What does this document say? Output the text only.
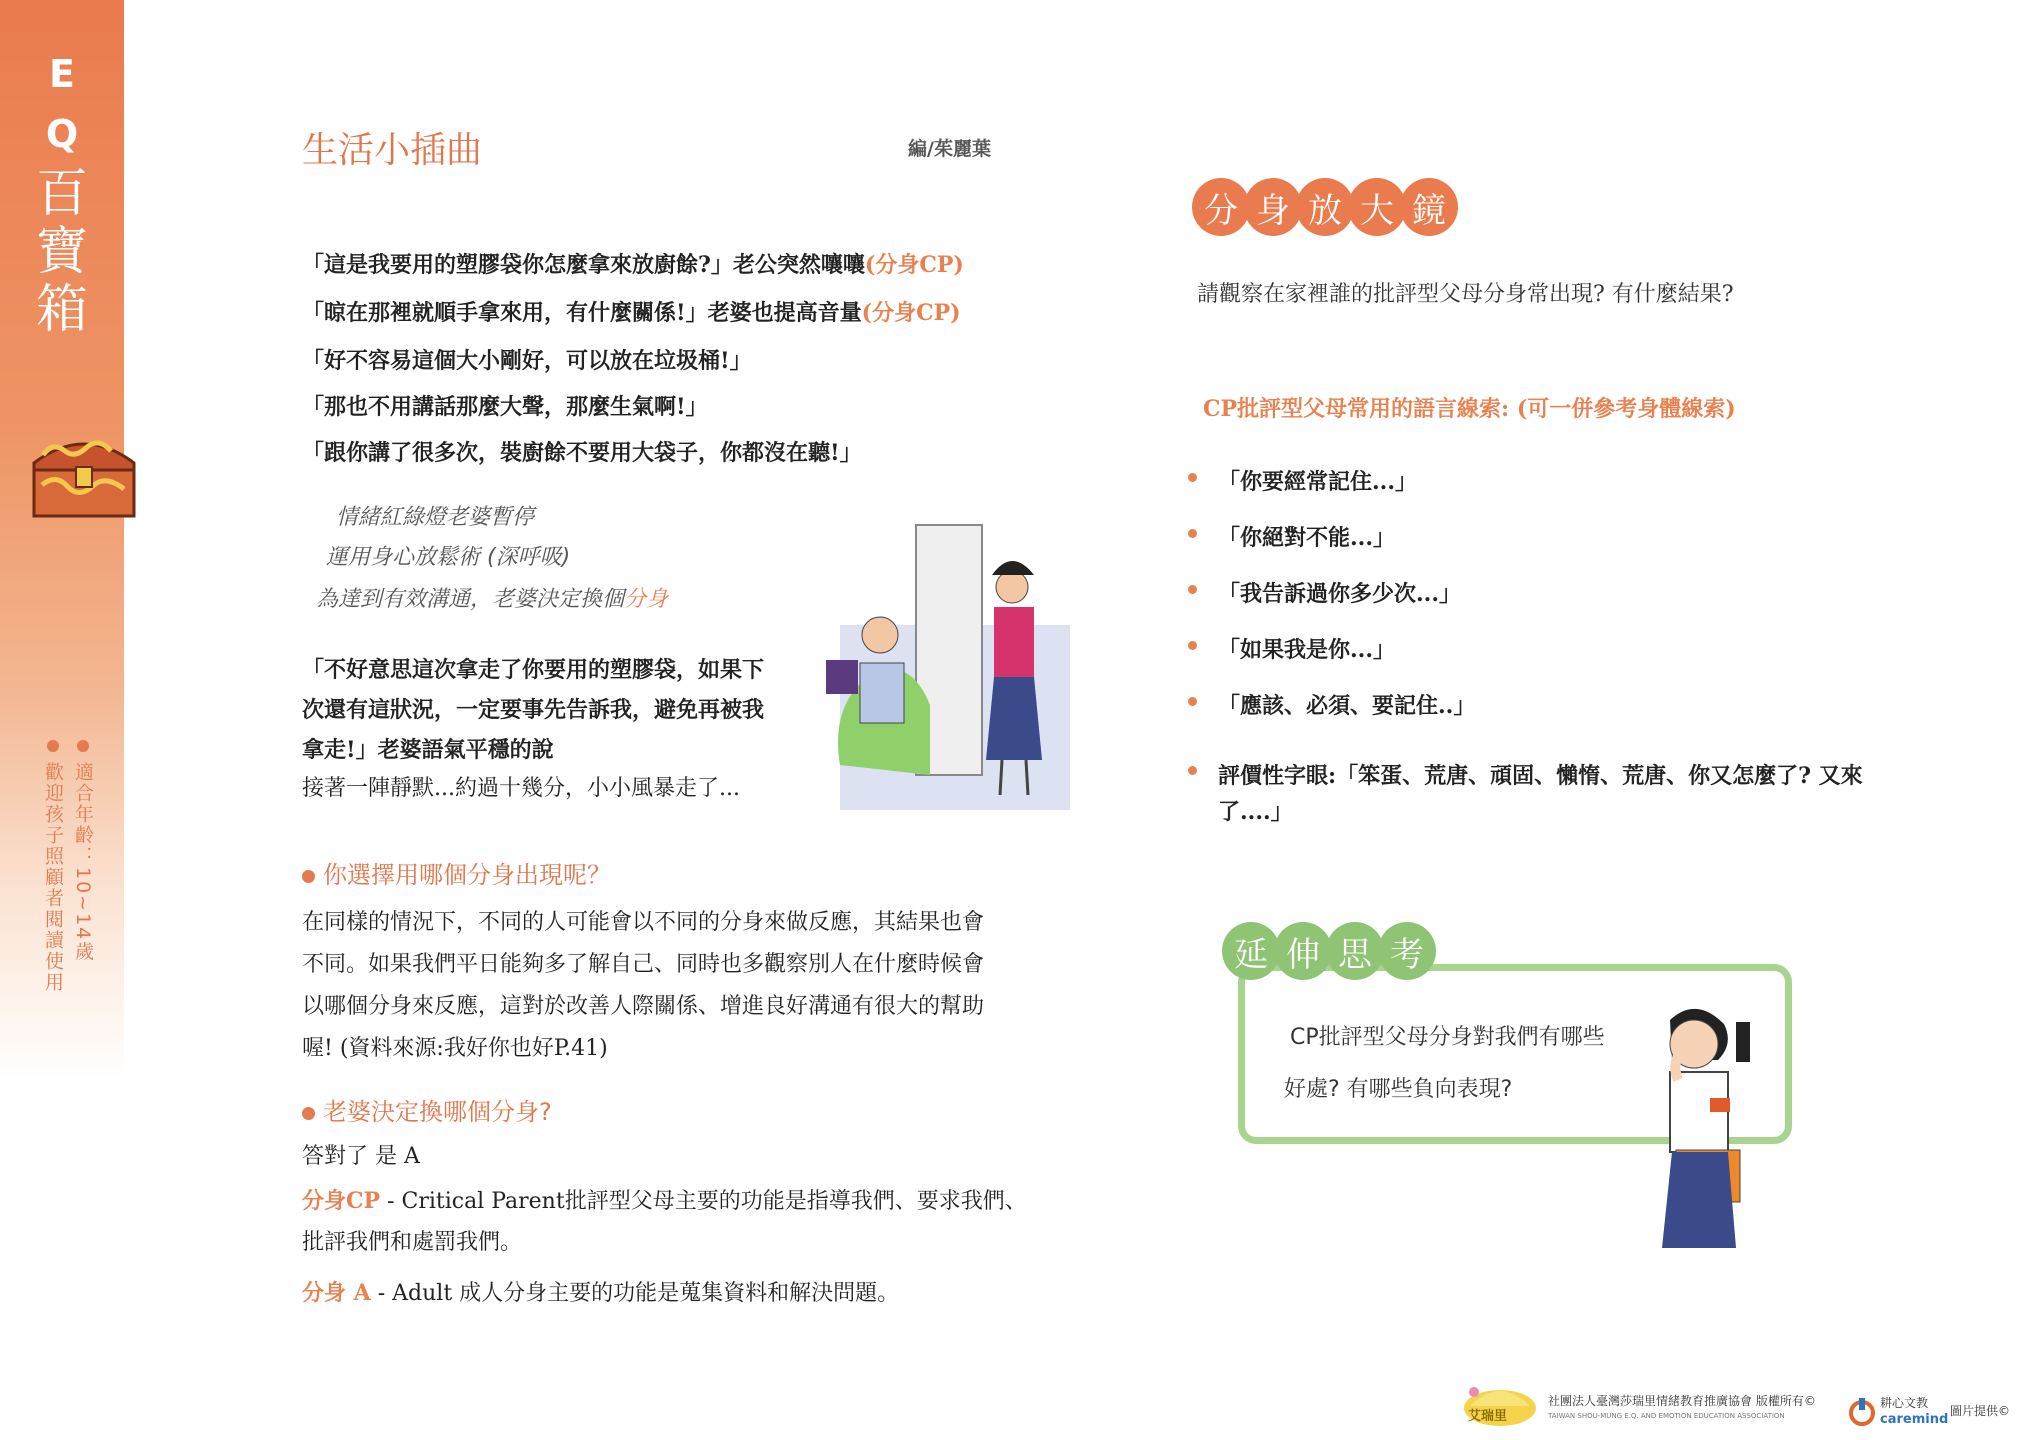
E
Q
百
寶
箱
適合年齡：10~14歲
歡迎孩子照顧者閱讀使用
生活小插曲	編/茱麗葉
「這是我要用的塑膠袋你怎麼拿來放廚餘?」老公突然嚷嚷(分身CP)
「晾在那裡就順手拿來用，有什麼關係!」老婆也提高音量(分身CP)
「好不容易這個大小剛好，可以放在垃圾桶!」
「那也不用講話那麼大聲，那麼生氣啊!」
「跟你講了很多次，裝廚餘不要用大袋子，你都沒在聽!」
情緒紅綠燈老婆暫停
運用身心放鬆術 (深呼吸)
為達到有效溝通，老婆決定換個分身
「不好意思這次拿走了你要用的塑膠袋，如果下次還有這狀況，一定要事先告訴我，避免再被我拿走!」老婆語氣平穩的說
接著一陣靜默...約過十幾分，小小風暴走了...
你選擇用哪個分身出現呢？
在同樣的情況下，不同的人可能會以不同的分身來做反應，其結果也會
不同。如果我們平日能夠多了解自己、同時也多觀察別人在什麼時候會
以哪個分身來反應，這對於改善人際關係、增進良好溝通有很大的幫助
喔! (資料來源:我好你也好P.41)
老婆決定換哪個分身?
答對了 是 A
分身CP - Critical Parent批評型父母主要的功能是指導我們、要求我們、
批評我們和處罰我們。
分身 A - Adult 成人分身主要的功能是蒐集資料和解決問題。
分 身 放 大 鏡
請觀察在家裡誰的批評型父母分身常出現? 有什麼結果?
CP批評型父母常用的語言線索: (可一併參考身體線索)
「你要經常記住...」
「你絕對不能...」
「我告訴過你多少次...」
「如果我是你...」
「應該、必須、要記住..」
評價性字眼:「笨蛋、荒唐、頑固、懶惰、荒唐、你又怎麼了? 又來
了....」
延 伸 思 考
CP批評型父母分身對我們有哪些
好處? 有哪些負向表現?
艾瑞里
社團法人臺灣莎瑞里情緒教育推廣協會 版權所有©
TAIWAN SHOU-MUNG E.Q. AND EMOTION EDUCATION ASSOCIATION
耕心文教
caremind
圖片提供©
